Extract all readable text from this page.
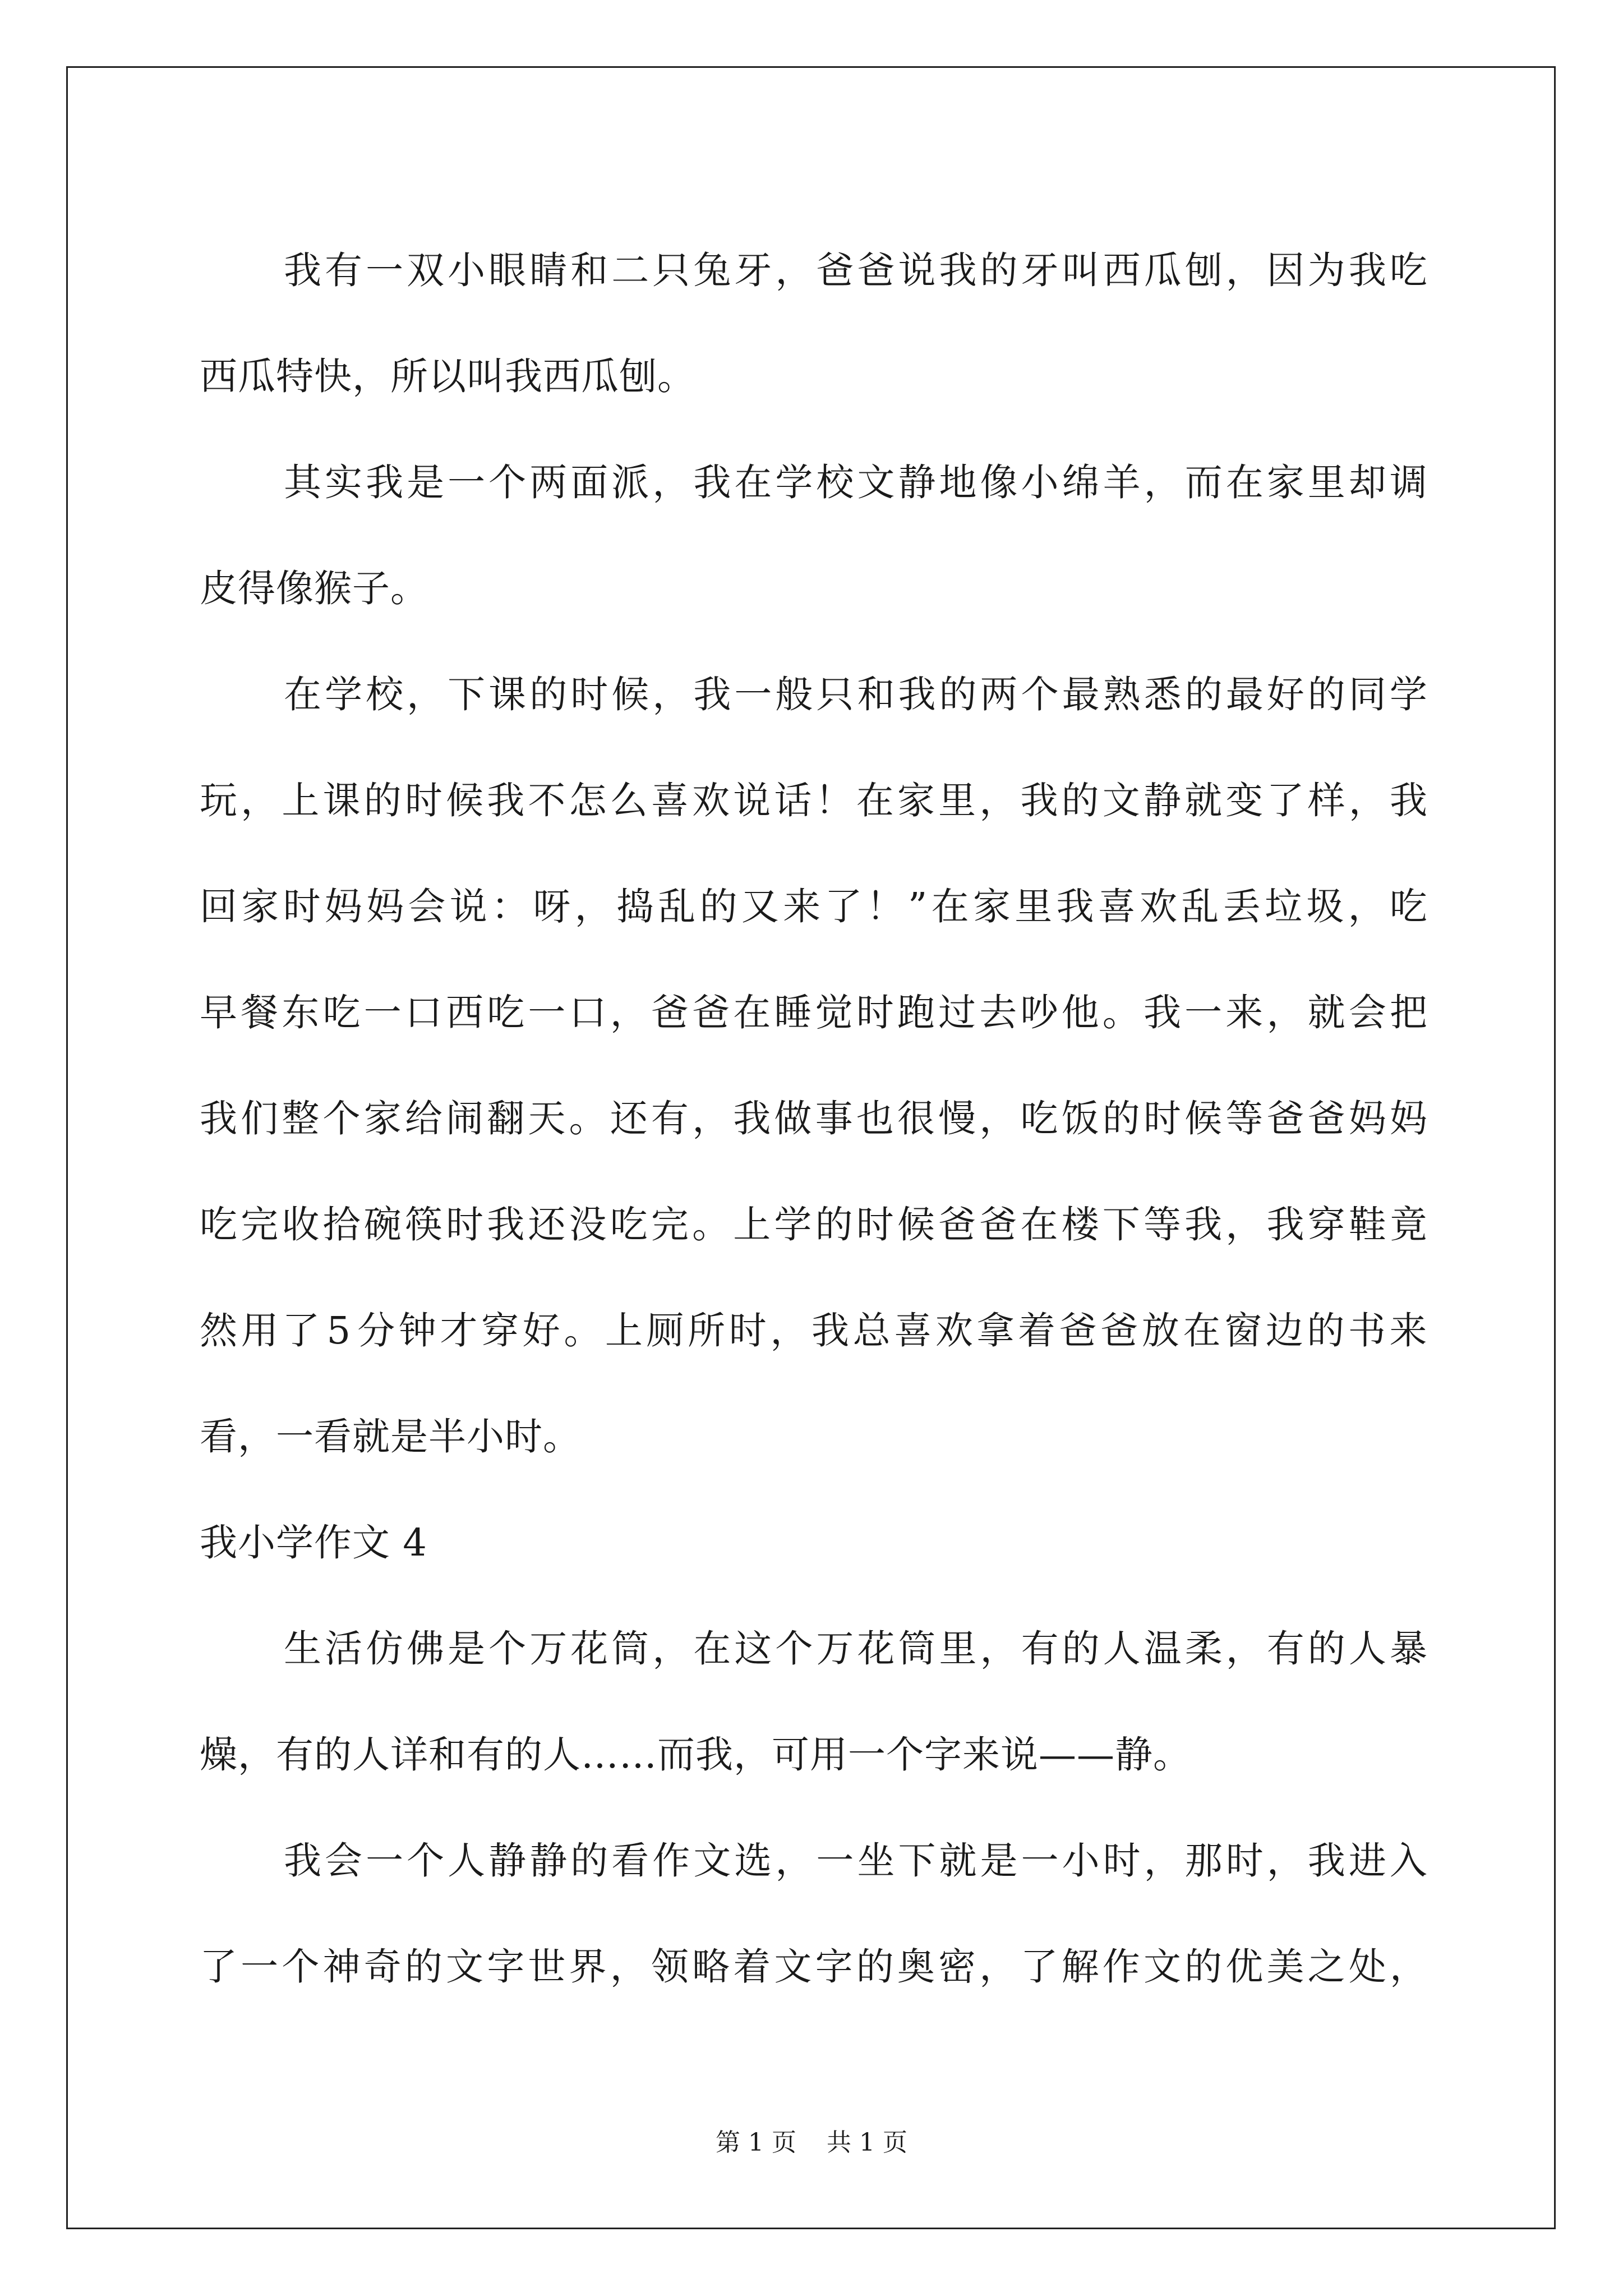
我 有 一 双 小 眼 睛 和 二 只 兔 牙 ， 爸 爸 说 我 的 牙 叫 西 瓜 刨 ， 因 为 我 吃
西瓜特快，所以叫我西瓜刨。
其 实 我 是 一 个 两 面 派 ， 我 在 学 校 文 静 地 像 小 绵 羊 ， 而 在 家 里 却 调
皮得像猴子。
在 学 校 ， 下 课 的 时 候 ， 我 一 般 只 和 我 的 两 个 最 熟 悉 的 最 好 的 同 学
玩 ， 上 课 的 时 候 我 不 怎 么 喜 欢 说 话 ！ 在 家 里 ， 我 的 文 静 就 变 了 样 ， 我
回 家 时 妈 妈 会 说 ： 呀 ， 捣 乱 的 又 来 了 ！ ” 在 家 里 我 喜 欢 乱 丢 垃 圾 ， 吃
早 餐 东 吃 一 口 西 吃 一 口 ， 爸 爸 在 睡 觉 时 跑 过 去 吵 他 。 我 一 来 ， 就 会 把
我 们 整 个 家 给 闹 翻 天 。 还 有 ， 我 做 事 也 很 慢 ， 吃 饭 的 时 候 等 爸 爸 妈 妈
吃 完 收 拾 碗 筷 时 我 还 没 吃 完 。 上 学 的 时 候 爸 爸 在 楼 下 等 我 ， 我 穿 鞋 竟
然 用 了 5 分 钟 才 穿 好 。 上 厕 所 时 ， 我 总 喜 欢 拿 着 爸 爸 放 在 窗 边 的 书 来
看，一看就是半小时。
我小学作文 4
生 活 仿 佛 是 个 万 花 筒 ， 在 这 个 万 花 筒 里 ， 有 的 人 温 柔 ， 有 的 人 暴
燥，有的人详和有的人……而我，可用一个字来说——静。
我 会 一 个 人 静 静 的 看 作 文 选 ， 一 坐 下 就 是 一 小 时 ， 那 时 ， 我 进 入
了 一 个 神 奇 的 文 字 世 界 ， 领 略 着 文 字 的 奥 密 ， 了 解 作 文 的 优 美 之 处 ，
第 1 页 共 1 页
